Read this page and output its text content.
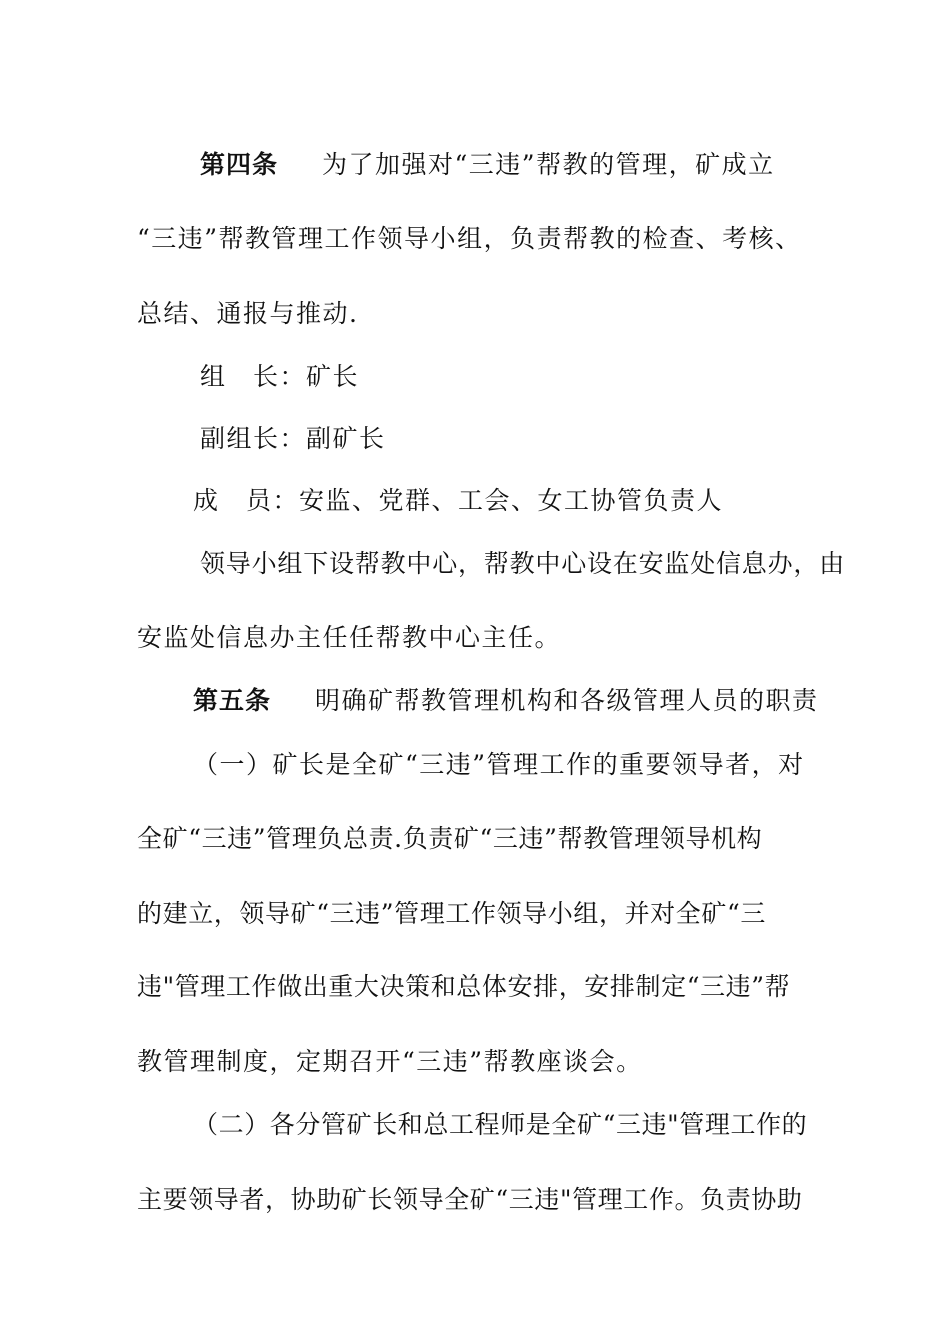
第四条 为了加强对“三违”帮教的管理，矿成立
“三违”帮教管理工作领导小组，负责帮教的检查、考核、
总结、通报与推动.
组　长：矿长
副组长：副矿长
成　员：安监、党群、工会、女工协管负责人
领导小组下设帮教中心，帮教中心设在安监处信息办，由
安监处信息办主任任帮教中心主任。
第五条 明确矿帮教管理机构和各级管理人员的职责
（一）矿长是全矿“三违”管理工作的重要领导者，对
全矿“三违”管理负总责.负责矿“三违”帮教管理领导机构
的建立，领导矿“三违”管理工作领导小组，并对全矿“三
违"管理工作做出重大决策和总体安排，安排制定“三违”帮
教管理制度，定期召开“三违”帮教座谈会。
（二）各分管矿长和总工程师是全矿“三违"管理工作的
主要领导者，协助矿长领导全矿“三违"管理工作。负责协助
